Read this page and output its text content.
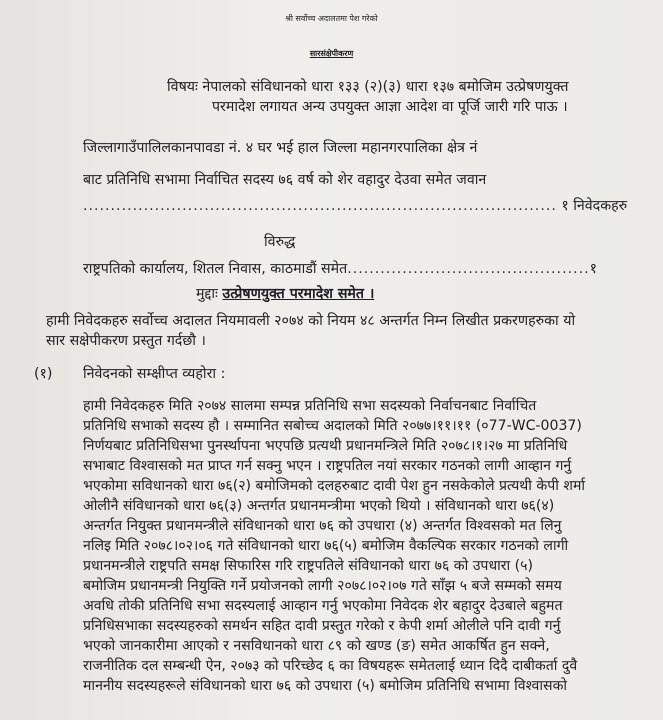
श्री सर्वोच्च अदालतमा पेश गरेको
सारसंक्षेपीकरण
विषयः नेपालको संविधानको धारा १३३ (२)(३) धारा १३७ बमोजिम उत्प्रेषणयुक्त
परमादेश लगायत अन्य उपयुक्त आज्ञा आदेश वा पूर्जि जारी गरि पाऊ ।
जिल्लागाउँपालिलकानपावडा नं. ४ घर भई हाल जिल्ला महानगरपालिका क्षेत्र नं
बाट प्रतिनिधि सभामा निर्वाचित सदस्य ७६ वर्ष को शेर वहादुर देउवा समेत जवान
...................................................................................... १ निवेदकहरु
विरुद्ध
राष्ट्रपतिको कार्यालय, शितल निवास, काठमाडौं समेत............................................१
मुद्दाः उत्प्रेषणयुक्त परमादेश समेत ।
हामी निवेदकहरु सर्वोच्च अदालत नियमावली २०७४ को नियम ४८ अन्तर्गत निम्न लिखीत प्रकरणहरुका यो
सार सक्षेपीकरण प्रस्तुत गर्दछौ ।
(१) निवेदनको सम्क्षीप्त व्यहोरा :
हामी निवेदकहरु मिति २०७४ सालमा सम्पन्न प्रतिनिधि सभा सदस्यको निर्वाचनबाट निर्वाचित
प्रतिनिधि सभाको सदस्य हौ । सम्मानित सबोच्च अदालको मिति २०७७।११।११ (०77-WC-0037)
निर्णयबाट प्रतिनिधिसभा पुनर्स्थापना भएपछि प्रत्यथी प्रधानमन्त्रिले मिति २०७८।१।२७ मा प्रतिनिधि
सभाबाट विश्वासको मत प्राप्त गर्न सक्नु भएन । राष्ट्रपतिल नयां सरकार गठनको लागी आव्हान गर्नु
भएकोमा सविधानको धारा ७६(२) बमोजिमको दलहरुबाट दावी पेश हुन नसकेकोले प्रत्यथी केपी शर्मा
ओलीनै संविधानको धारा ७६(३) अन्तर्गत प्रधानमन्त्रीमा भएको थियो । संविधानको धारा ७६(४)
अन्तर्गत नियुक्त प्रधानमन्त्रीले संविधानको धारा ७६ को उपधारा (४) अन्तर्गत विश्वसको मत लिनु
नलिइ मिति २०७८।०२।०६ गते संविधानको धारा ७६(५) बमोजिम वैकल्पिक सरकार गठनको लागी
प्रधानमन्त्रीले राष्ट्रपति समक्ष सिफारिस गरि राष्ट्रपतिले संविधानको धारा ७६ को उपधारा (५)
बमोजिम प्रधानमन्त्री नियुक्ति गर्ने प्रयोजनको लागी २०७८।०२।०७ गते साँझ ५ बजे सम्मको समय
अवधि तोकी प्रतिनिधि सभा सदस्यलाई आव्हान गर्नु भएकोमा निवेदक शेर बहादुर देउबाले बहुमत
प्रनिधिसभाका सदस्यहरुको समर्थन सहित दावी प्रस्तुत गरेको र केपी शर्मा ओलीले पनि दावी गर्नु
भएको जानकारीमा आएको र नसविधानको धारा ८९ को खण्ड (ङ) समेत आकर्षित हुन सक्ने,
राजनीतिक दल सम्बन्धी ऐन, २०७३ को परिच्छेद ६ का विषयहरू समेतलाई ध्यान दिदै दाबीकर्ता दुवै
माननीय सदस्यहरूले संविधानको धारा ७६ को उपधारा (५) बमोजिम प्रतिनिधि सभामा विश्वासको
